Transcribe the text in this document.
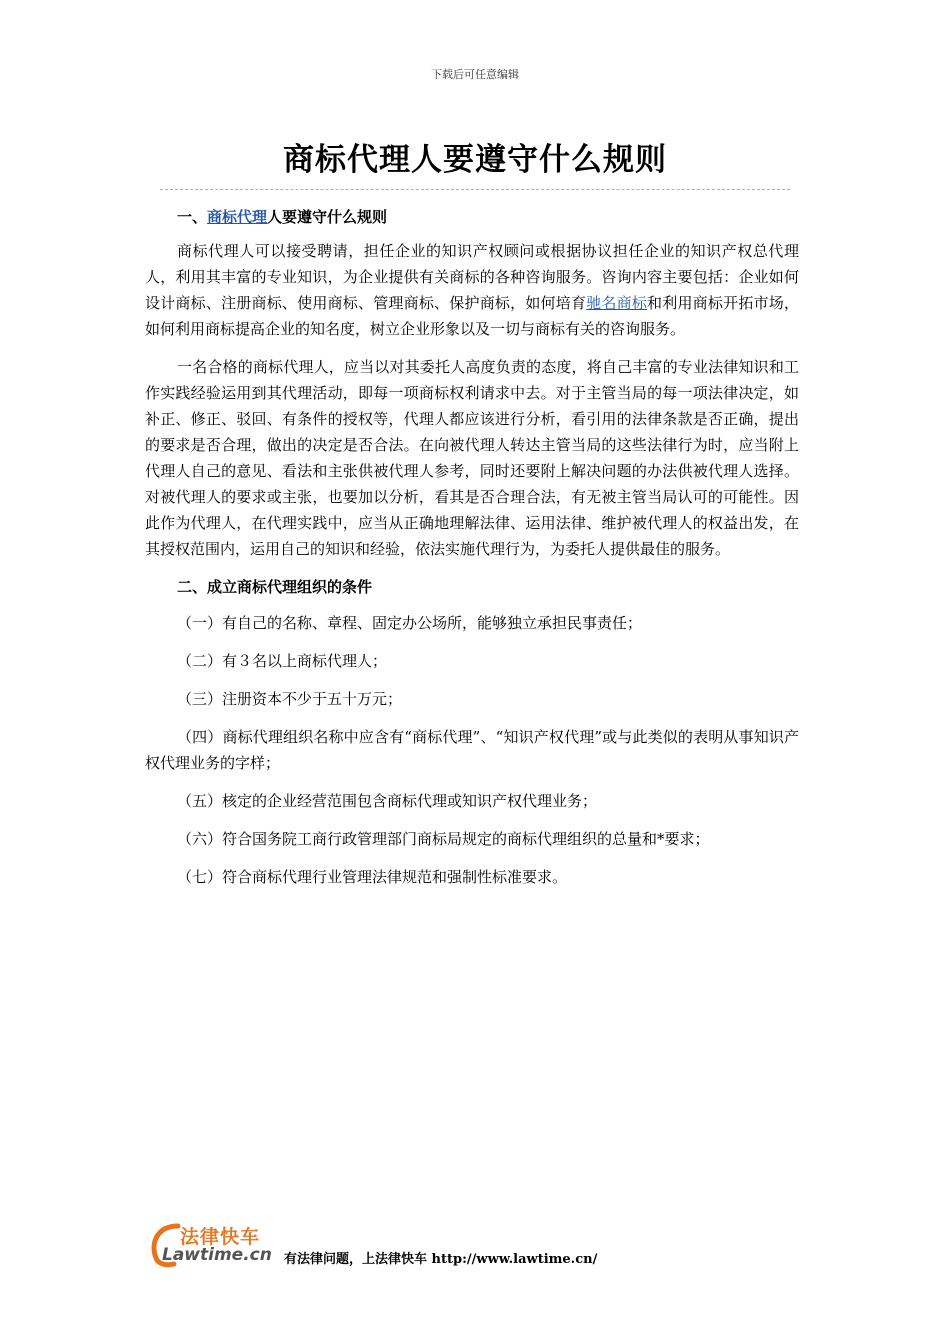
下载后可任意编辑
商标代理人要遵守什么规则

一、商标代理人要遵守什么规则

商标代理人可以接受聘请，担任企业的知识产权顾问或根据协议担任企业的知识产权总代理人，利用其丰富的专业知识，为企业提供有关商标的各种咨询服务。咨询内容主要包括：企业如何设计商标、注册商标、使用商标、管理商标、保护商标，如何培育驰名商标和利用商标开拓市场，如何利用商标提高企业的知名度，树立企业形象以及一切与商标有关的咨询服务。

一名合格的商标代理人，应当以对其委托人高度负责的态度，将自己丰富的专业法律知识和工作实践经验运用到其代理活动，即每一项商标权利请求中去。对于主管当局的每一项法律决定，如补正、修正、驳回、有条件的授权等，代理人都应该进行分析，看引用的法律条款是否正确，提出的要求是否合理，做出的决定是否合法。在向被代理人转达主管当局的这些法律行为时，应当附上代理人自己的意见、看法和主张供被代理人参考，同时还要附上解决问题的办法供被代理人选择。对被代理人的要求或主张，也要加以分析，看其是否合理合法，有无被主管当局认可的可能性。因此作为代理人，在代理实践中，应当从正确地理解法律、运用法律、维护被代理人的权益出发，在其授权范围内，运用自己的知识和经验，依法实施代理行为，为委托人提供最佳的服务。

二、成立商标代理组织的条件

（一）有自己的名称、章程、固定办公场所，能够独立承担民事责任；

（二）有３名以上商标代理人；

（三）注册资本不少于五十万元；

（四）商标代理组织名称中应含有“商标代理”、“知识产权代理”或与此类似的表明从事知识产权代理业务的字样；

（五）核定的企业经营范围包含商标代理或知识产权代理业务；

（六）符合国务院工商行政管理部门商标局规定的商标代理组织的总量和*要求；

（七）符合商标代理行业管理法律规范和强制性标准要求。

法律快车
Lawtime.cn 有法律问题，上法律快车 http://www.lawtime.cn/
